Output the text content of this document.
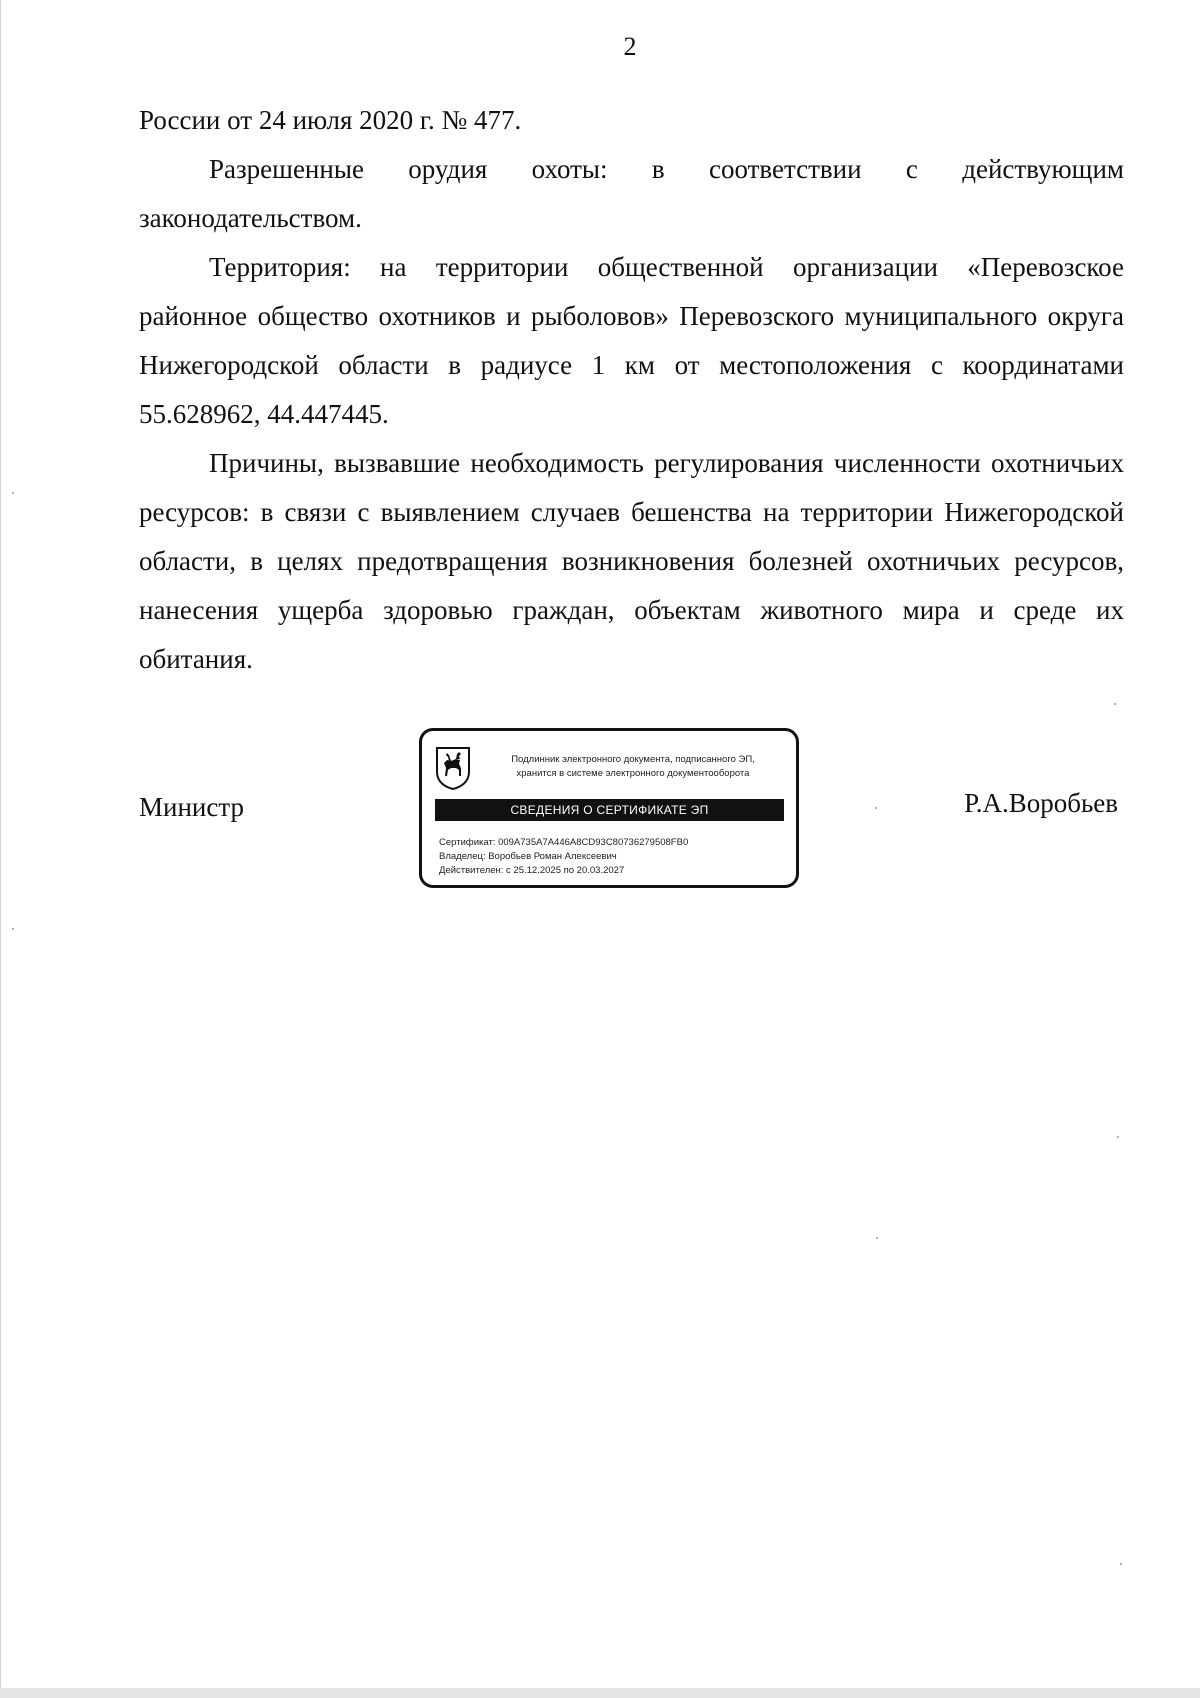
2

России от 24 июля 2020 г. № 477.

Разрешенные орудия охоты: в соответствии с действующим законодательством.

Территория: на территории общественной организации «Перевозское районное общество охотников и рыболовов» Перевозского муниципального округа Нижегородской области в радиусе 1 км от местоположения с координатами 55.628962, 44.447445.

Причины, вызвавшие необходимость регулирования численности охотничьих ресурсов: в связи с выявлением случаев бешенства на территории Нижегородской области, в целях предотвращения возникновения болезней охотничьих ресурсов, нанесения ущерба здоровью граждан, объектам животного мира и среде их обитания.

Министр	Р.А.Воробьев
Подлинник электронного документа, подписанного ЭП,
хранится в системе электронного документооборота
СВЕДЕНИЯ О СЕРТИФИКАТЕ ЭП
Сертификат: 009A735A7A446A8CD93C80736279508FB0
Владелец: Воробьев Роман Алексеевич
Действителен: с 25.12.2025 по 20.03.2027
